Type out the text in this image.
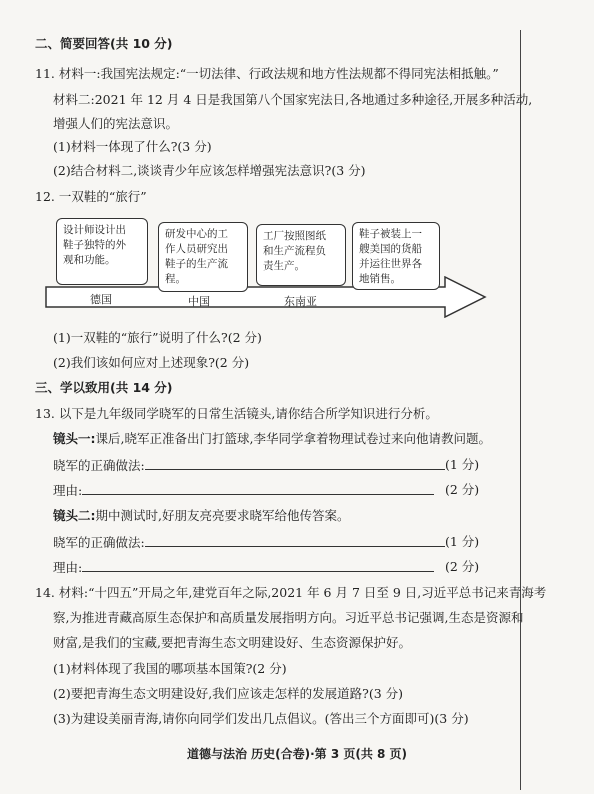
二、简要回答(共 10 分)
11. 材料一:我国宪法规定:“一切法律、行政法规和地方性法规都不得同宪法相抵触。”
材料二:2021 年 12 月 4 日是我国第八个国家宪法日,各地通过多种途径,开展多种活动,
增强人们的宪法意识。
(1)材料一体现了什么?(3 分)
(2)结合材料二,谈谈青少年应该怎样增强宪法意识?(3 分)
12. 一双鞋的“旅行”
设计师设计出
鞋子独特的外
观和功能。
研发中心的工
作人员研究出
鞋子的生产流
程。
工厂按照图纸
和生产流程负
责生产。
鞋子被装上一
艘美国的货船
并运往世界各
地销售。
德国	中国	东南亚
(1)一双鞋的“旅行”说明了什么?(2 分)
(2)我们该如何应对上述现象?(2 分)
三、学以致用(共 14 分)
13. 以下是九年级同学晓军的日常生活镜头,请你结合所学知识进行分析。
镜头一:课后,晓军正准备出门打篮球,李华同学拿着物理试卷过来向他请教问题。
晓军的正确做法:	(1 分)
理由:	(2 分)
镜头二:期中测试时,好朋友亮亮要求晓军给他传答案。
晓军的正确做法:	(1 分)
理由:	(2 分)
14. 材料:“十四五”开局之年,建党百年之际,2021 年 6 月 7 日至 9 日,习近平总书记来青海考
察,为推进青藏高原生态保护和高质量发展指明方向。习近平总书记强调,生态是资源和
财富,是我们的宝藏,要把青海生态文明建设好、生态资源保护好。
(1)材料体现了我国的哪项基本国策?(2 分)
(2)要把青海生态文明建设好,我们应该走怎样的发展道路?(3 分)
(3)为建设美丽青海,请你向同学们发出几点倡议。(答出三个方面即可)(3 分)
道德与法治 历史(合卷)·第 3 页(共 8 页)
